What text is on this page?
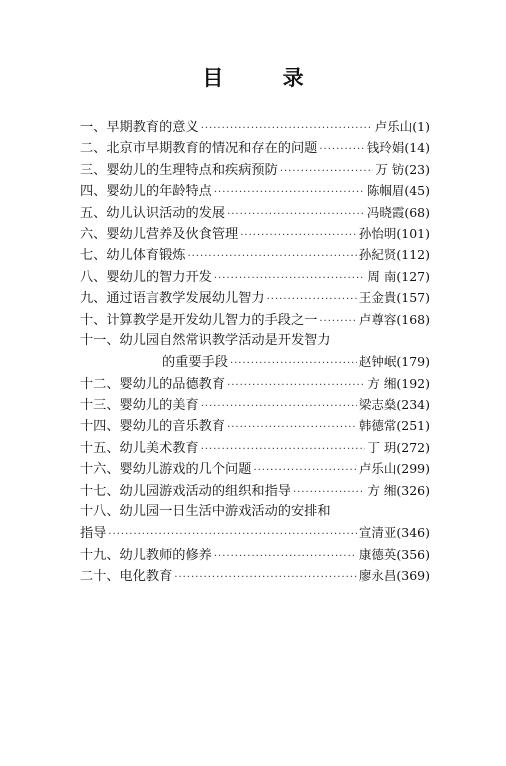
目 录
一、早期教育的意义 ·····	卢乐山(1)
二、北京市早期教育的情况和存在的问题 ·····	钱玲娟(14)
三、婴幼儿的生理特点和疾病预防 ·····	万 钫(23)
四、婴幼儿的年龄特点 ·····	陈帼眉(45)
五、幼儿认识活动的发展 ·····	冯晓霞(68)
六、婴幼儿营养及伙食管理 ·····	孙怡明(101)
七、幼儿体育锻炼 ·····	孙紀贤(112)
八、婴幼儿的智力开发 ·····	周 南(127)
九、通过语言教学发展幼儿智力 ·····	王金貴(157)
十、计算教学是开发幼儿智力的手段之一 ·····	卢尊容(168)
十一、幼儿园自然常识教学活动是开发智力
的重要手段 ·····	赵钟岷(179)
十二、婴幼儿的品德教育 ·····	方 缃(192)
十三、婴幼儿的美育 ·····	梁志燊(234)
十四、婴幼儿的音乐教育 ·····	韩德常(251)
十五、幼儿美术教育 ·····	丁 玥(272)
十六、婴幼儿游戏的几个问题 ·····	卢乐山(299)
十七、幼儿园游戏活动的组织和指导 ·····	方 缃(326)
十八、幼儿园一日生活中游戏活动的安排和
指导 ·····	宣清亚(346)
十九、幼儿教师的修养 ·····	康德英(356)
二十、电化教育 ·····	廖永昌(369)
